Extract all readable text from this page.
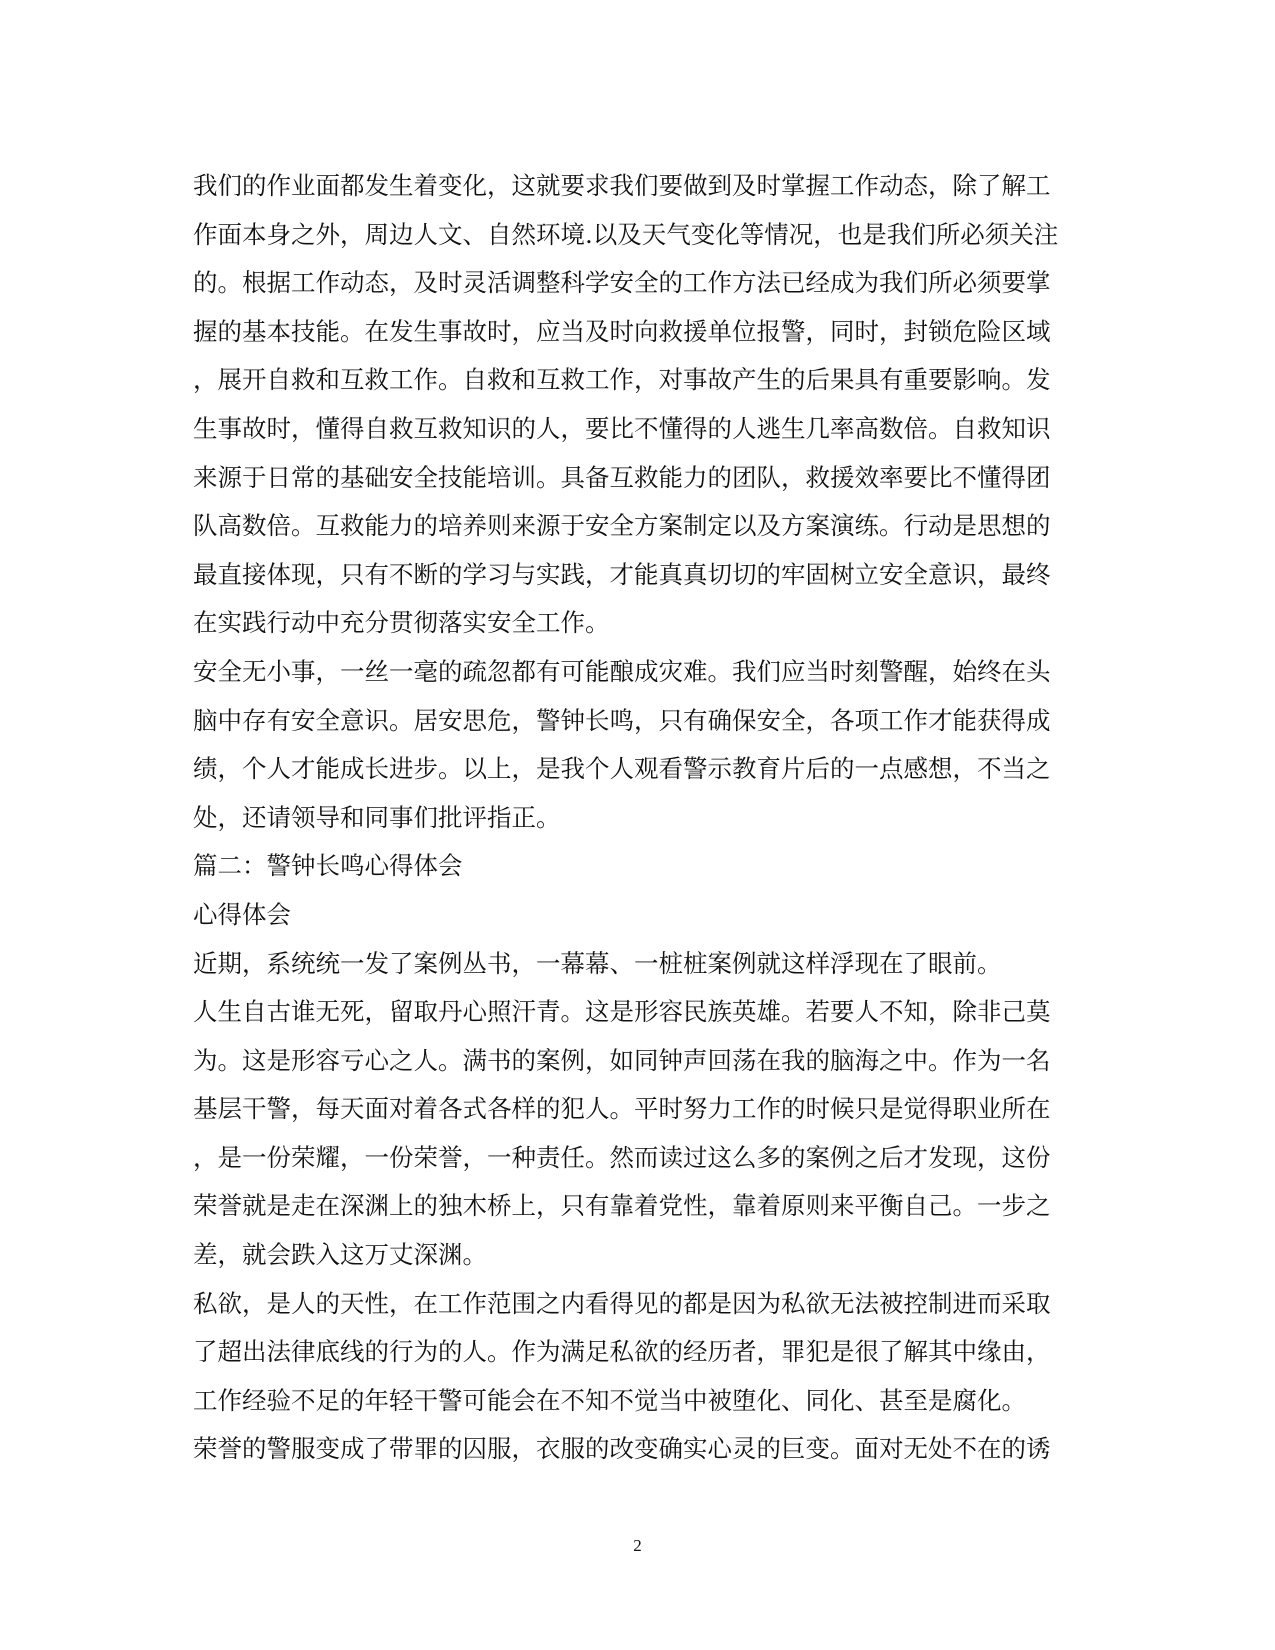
我们的作业面都发生着变化，这就要求我们要做到及时掌握工作动态，除了解工
作面本身之外，周边人文、自然环境.以及天气变化等情况，也是我们所必须关注
的。根据工作动态，及时灵活调整科学安全的工作方法已经成为我们所必须要掌
握的基本技能。在发生事故时，应当及时向救援单位报警，同时，封锁危险区域
，展开自救和互救工作。自救和互救工作，对事故产生的后果具有重要影响。发
生事故时，懂得自救互救知识的人，要比不懂得的人逃生几率高数倍。自救知识
来源于日常的基础安全技能培训。具备互救能力的团队，救援效率要比不懂得团
队高数倍。互救能力的培养则来源于安全方案制定以及方案演练。行动是思想的
最直接体现，只有不断的学习与实践，才能真真切切的牢固树立安全意识，最终
在实践行动中充分贯彻落实安全工作。
安全无小事，一丝一毫的疏忽都有可能酿成灾难。我们应当时刻警醒，始终在头
脑中存有安全意识。居安思危，警钟长鸣，只有确保安全，各项工作才能获得成
绩，个人才能成长进步。以上，是我个人观看警示教育片后的一点感想，不当之
处，还请领导和同事们批评指正。
篇二：警钟长鸣心得体会
心得体会
近期，系统统一发了案例丛书，一幕幕、一桩桩案例就这样浮现在了眼前。
人生自古谁无死，留取丹心照汗青。这是形容民族英雄。若要人不知，除非己莫
为。这是形容亏心之人。满书的案例，如同钟声回荡在我的脑海之中。作为一名
基层干警，每天面对着各式各样的犯人。平时努力工作的时候只是觉得职业所在
，是一份荣耀，一份荣誉，一种责任。然而读过这么多的案例之后才发现，这份
荣誉就是走在深渊上的独木桥上，只有靠着党性，靠着原则来平衡自己。一步之
差，就会跌入这万丈深渊。
私欲，是人的天性，在工作范围之内看得见的都是因为私欲无法被控制进而采取
了超出法律底线的行为的人。作为满足私欲的经历者，罪犯是很了解其中缘由，
工作经验不足的年轻干警可能会在不知不觉当中被堕化、同化、甚至是腐化。
荣誉的警服变成了带罪的囚服，衣服的改变确实心灵的巨变。面对无处不在的诱
2
